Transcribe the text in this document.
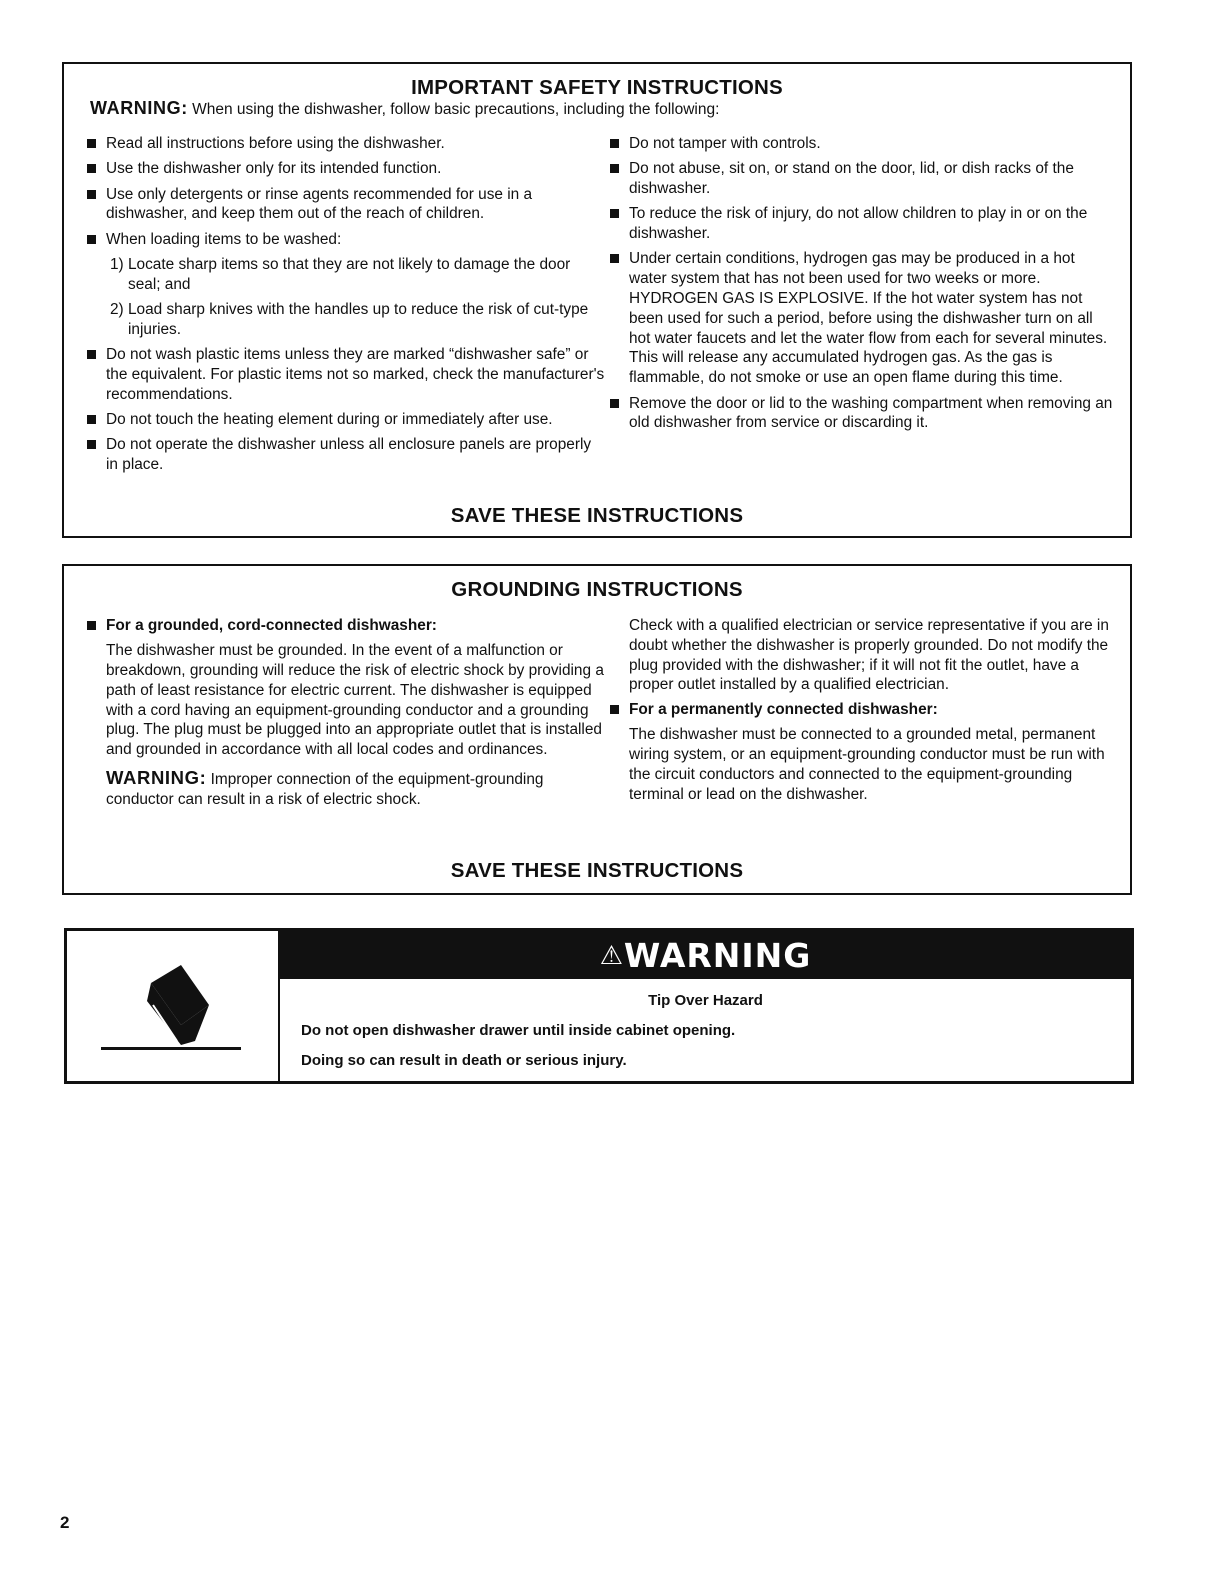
IMPORTANT SAFETY INSTRUCTIONS
WARNING: When using the dishwasher, follow basic precautions, including the following:
Read all instructions before using the dishwasher.
Use the dishwasher only for its intended function.
Use only detergents or rinse agents recommended for use in a dishwasher, and keep them out of the reach of children.
When loading items to be washed:
1) Locate sharp items so that they are not likely to damage the door seal; and
2) Load sharp knives with the handles up to reduce the risk of cut-type injuries.
Do not wash plastic items unless they are marked “dishwasher safe” or the equivalent. For plastic items not so marked, check the manufacturer's recommendations.
Do not touch the heating element during or immediately after use.
Do not operate the dishwasher unless all enclosure panels are properly in place.
Do not tamper with controls.
Do not abuse, sit on, or stand on the door, lid, or dish racks of the dishwasher.
To reduce the risk of injury, do not allow children to play in or on the dishwasher.
Under certain conditions, hydrogen gas may be produced in a hot water system that has not been used for two weeks or more. HYDROGEN GAS IS EXPLOSIVE. If the hot water system has not been used for such a period, before using the dishwasher turn on all hot water faucets and let the water flow from each for several minutes. This will release any accumulated hydrogen gas. As the gas is flammable, do not smoke or use an open flame during this time.
Remove the door or lid to the washing compartment when removing an old dishwasher from service or discarding it.
SAVE THESE INSTRUCTIONS
GROUNDING INSTRUCTIONS
For a grounded, cord-connected dishwasher:

The dishwasher must be grounded. In the event of a malfunction or breakdown, grounding will reduce the risk of electric shock by providing a path of least resistance for electric current. The dishwasher is equipped with a cord having an equipment-grounding conductor and a grounding plug. The plug must be plugged into an appropriate outlet that is installed and grounded in accordance with all local codes and ordinances.

WARNING: Improper connection of the equipment-grounding conductor can result in a risk of electric shock.

Check with a qualified electrician or service representative if you are in doubt whether the dishwasher is properly grounded. Do not modify the plug provided with the dishwasher; if it will not fit the outlet, have a proper outlet installed by a qualified electrician.

For a permanently connected dishwasher:

The dishwasher must be connected to a grounded metal, permanent wiring system, or an equipment-grounding conductor must be run with the circuit conductors and connected to the equipment-grounding terminal or lead on the dishwasher.

SAVE THESE INSTRUCTIONS
⚠WARNING
Tip Over Hazard
Do not open dishwasher drawer until inside cabinet opening.
Doing so can result in death or serious injury.
2
